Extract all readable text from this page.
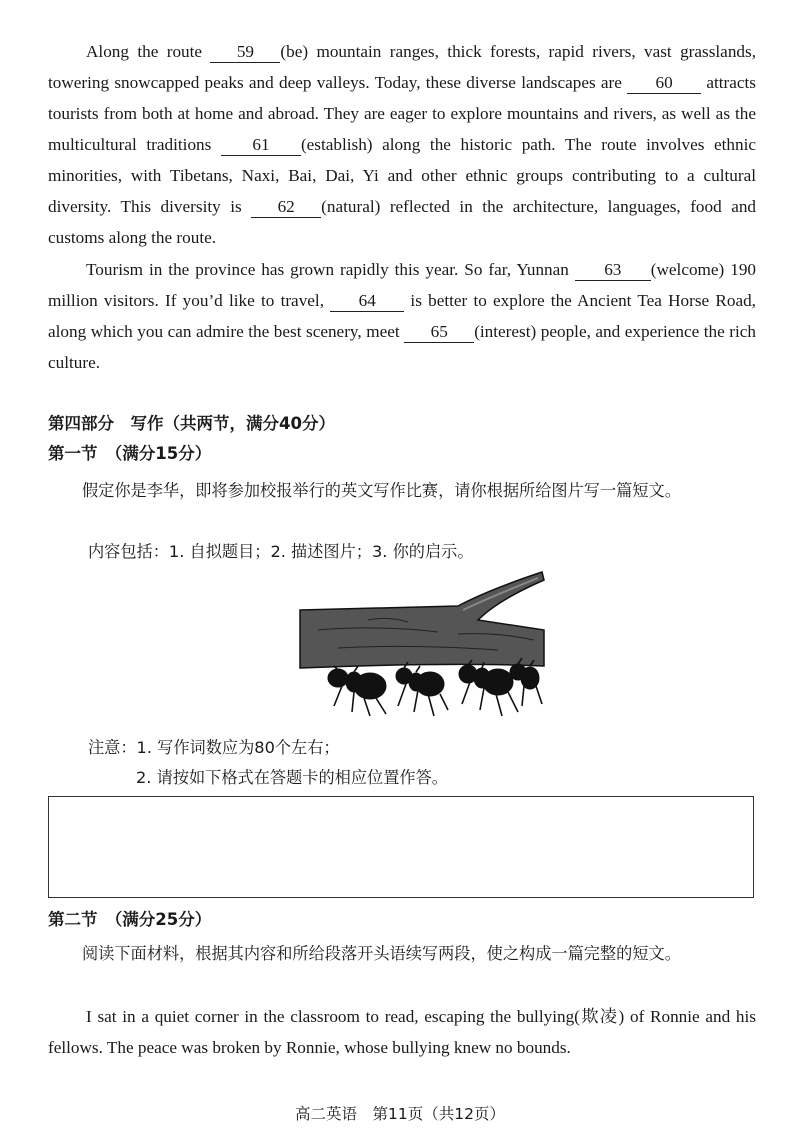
Along the route 59 (be) mountain ranges, thick forests, rapid rivers, vast grasslands, towering snowcapped peaks and deep valleys. Today, these diverse landscapes are 60 attracts tourists from both at home and abroad. They are eager to explore mountains and rivers, as well as the multicultural traditions 61 (establish) along the historic path. The route involves ethnic minorities, with Tibetans, Naxi, Bai, Dai, Yi and other ethnic groups contributing to a cultural diversity. This diversity is 62 (natural) reflected in the architecture, languages, food and customs along the route.

Tourism in the province has grown rapidly this year. So far, Yunnan 63 (welcome) 190 million visitors. If you’d like to travel, 64 is better to explore the Ancient Tea Horse Road, along which you can admire the best scenery, meet 65 (interest) people, and experience the rich culture.

第四部分　写作（共两节，满分40分）
第一节　（满分15分）

假定你是李华，即将参加校报举行的英文写作比赛，请你根据所给图片写一篇短文。

内容包括：1. 自拟题目；2. 描述图片；3. 你的启示。

注意：1. 写作词数应为80个左右；

2. 请按如下格式在答题卡的相应位置作答。

第二节　（满分25分）

阅读下面材料，根据其内容和所给段落开头语续写两段，使之构成一篇完整的短文。

I sat in a quiet corner in the classroom to read, escaping the bullying(欺凌) of Ronnie and his fellows. The peace was broken by Ronnie, whose bullying knew no bounds.

高二英语　第11页（共12页）
